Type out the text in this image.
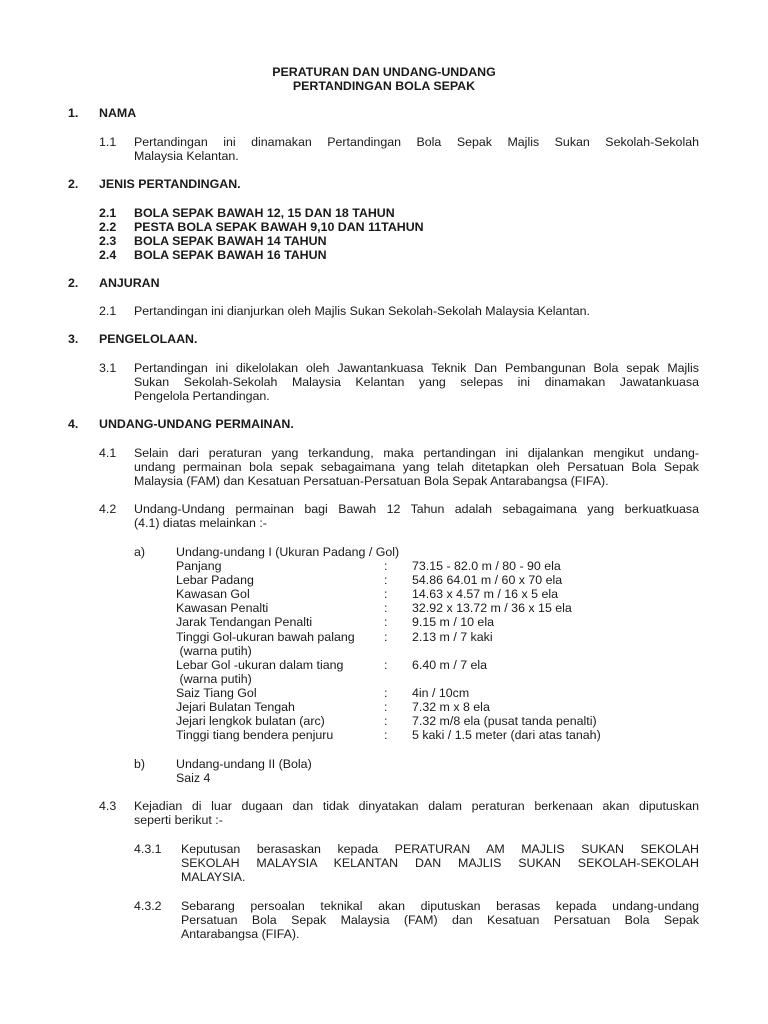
PERATURAN DAN UNDANG-UNDANG
PERTANDINGAN BOLA SEPAK
1. NAMA
1.1 Pertandingan ini dinamakan Pertandingan Bola Sepak Majlis Sukan Sekolah-Sekolah
Malaysia Kelantan.
2. JENIS PERTANDINGAN.
2.1 BOLA SEPAK BAWAH 12, 15 DAN 18 TAHUN
2.2 PESTA BOLA SEPAK BAWAH 9,10 DAN 11TAHUN
2.3 BOLA SEPAK BAWAH 14 TAHUN
2.4 BOLA SEPAK BAWAH 16 TAHUN
2. ANJURAN
2.1 Pertandingan ini dianjurkan oleh Majlis Sukan Sekolah-Sekolah Malaysia Kelantan.
3. PENGELOLAAN.
3.1 Pertandingan ini dikelolakan oleh Jawantankuasa Teknik Dan Pembangunan Bola sepak Majlis
Sukan Sekolah-Sekolah Malaysia Kelantan yang selepas ini dinamakan Jawatankuasa
Pengelola Pertandingan.
4. UNDANG-UNDANG PERMAINAN.
4.1 Selain dari peraturan yang terkandung, maka pertandingan ini dijalankan mengikut undang-
undang permainan bola sepak sebagaimana yang telah ditetapkan oleh Persatuan Bola Sepak
Malaysia (FAM) dan Kesatuan Persatuan-Persatuan Bola Sepak Antarabangsa (FIFA).
4.2 Undang-Undang permainan bagi Bawah 12 Tahun adalah sebagaimana yang berkuatkuasa
(4.1) diatas melainkan :-
a) Undang-undang I (Ukuran Padang / Gol)
Panjang	: 73.15 - 82.0 m / 80 - 90 ela
Lebar Padang	: 54.86 64.01 m / 60 x 70 ela
Kawasan Gol	: 14.63 x 4.57 m / 16 x 5 ela
Kawasan Penalti	: 32.92 x 13.72 m / 36 x 15 ela
Jarak Tendangan Penalti	: 9.15 m / 10 ela
Tinggi Gol-ukuran bawah palang : 2.13 m / 7 kaki
(warna putih)
Lebar Gol -ukuran dalam tiang	: 6.40 m / 7 ela
(warna putih)
Saiz Tiang Gol	: 4in / 10cm
Jejari Bulatan Tengah	: 7.32 m x 8 ela
Jejari lengkok bulatan (arc)	: 7.32 m/8 ela (pusat tanda penalti)
Tinggi tiang bendera penjuru	: 5 kaki / 1.5 meter (dari atas tanah)
b) Undang-undang II (Bola)
Saiz 4
4.3 Kejadian di luar dugaan dan tidak dinyatakan dalam peraturan berkenaan akan diputuskan
seperti berikut :-
4.3.1 Keputusan berasaskan kepada PERATURAN AM MAJLIS SUKAN SEKOLAH
SEKOLAH MALAYSIA KELANTAN DAN MAJLIS SUKAN SEKOLAH-SEKOLAH
MALAYSIA.
4.3.2 Sebarang persoalan teknikal akan diputuskan berasas kepada undang-undang
Persatuan Bola Sepak Malaysia (FAM) dan Kesatuan Persatuan Bola Sepak
Antarabangsa (FIFA).
